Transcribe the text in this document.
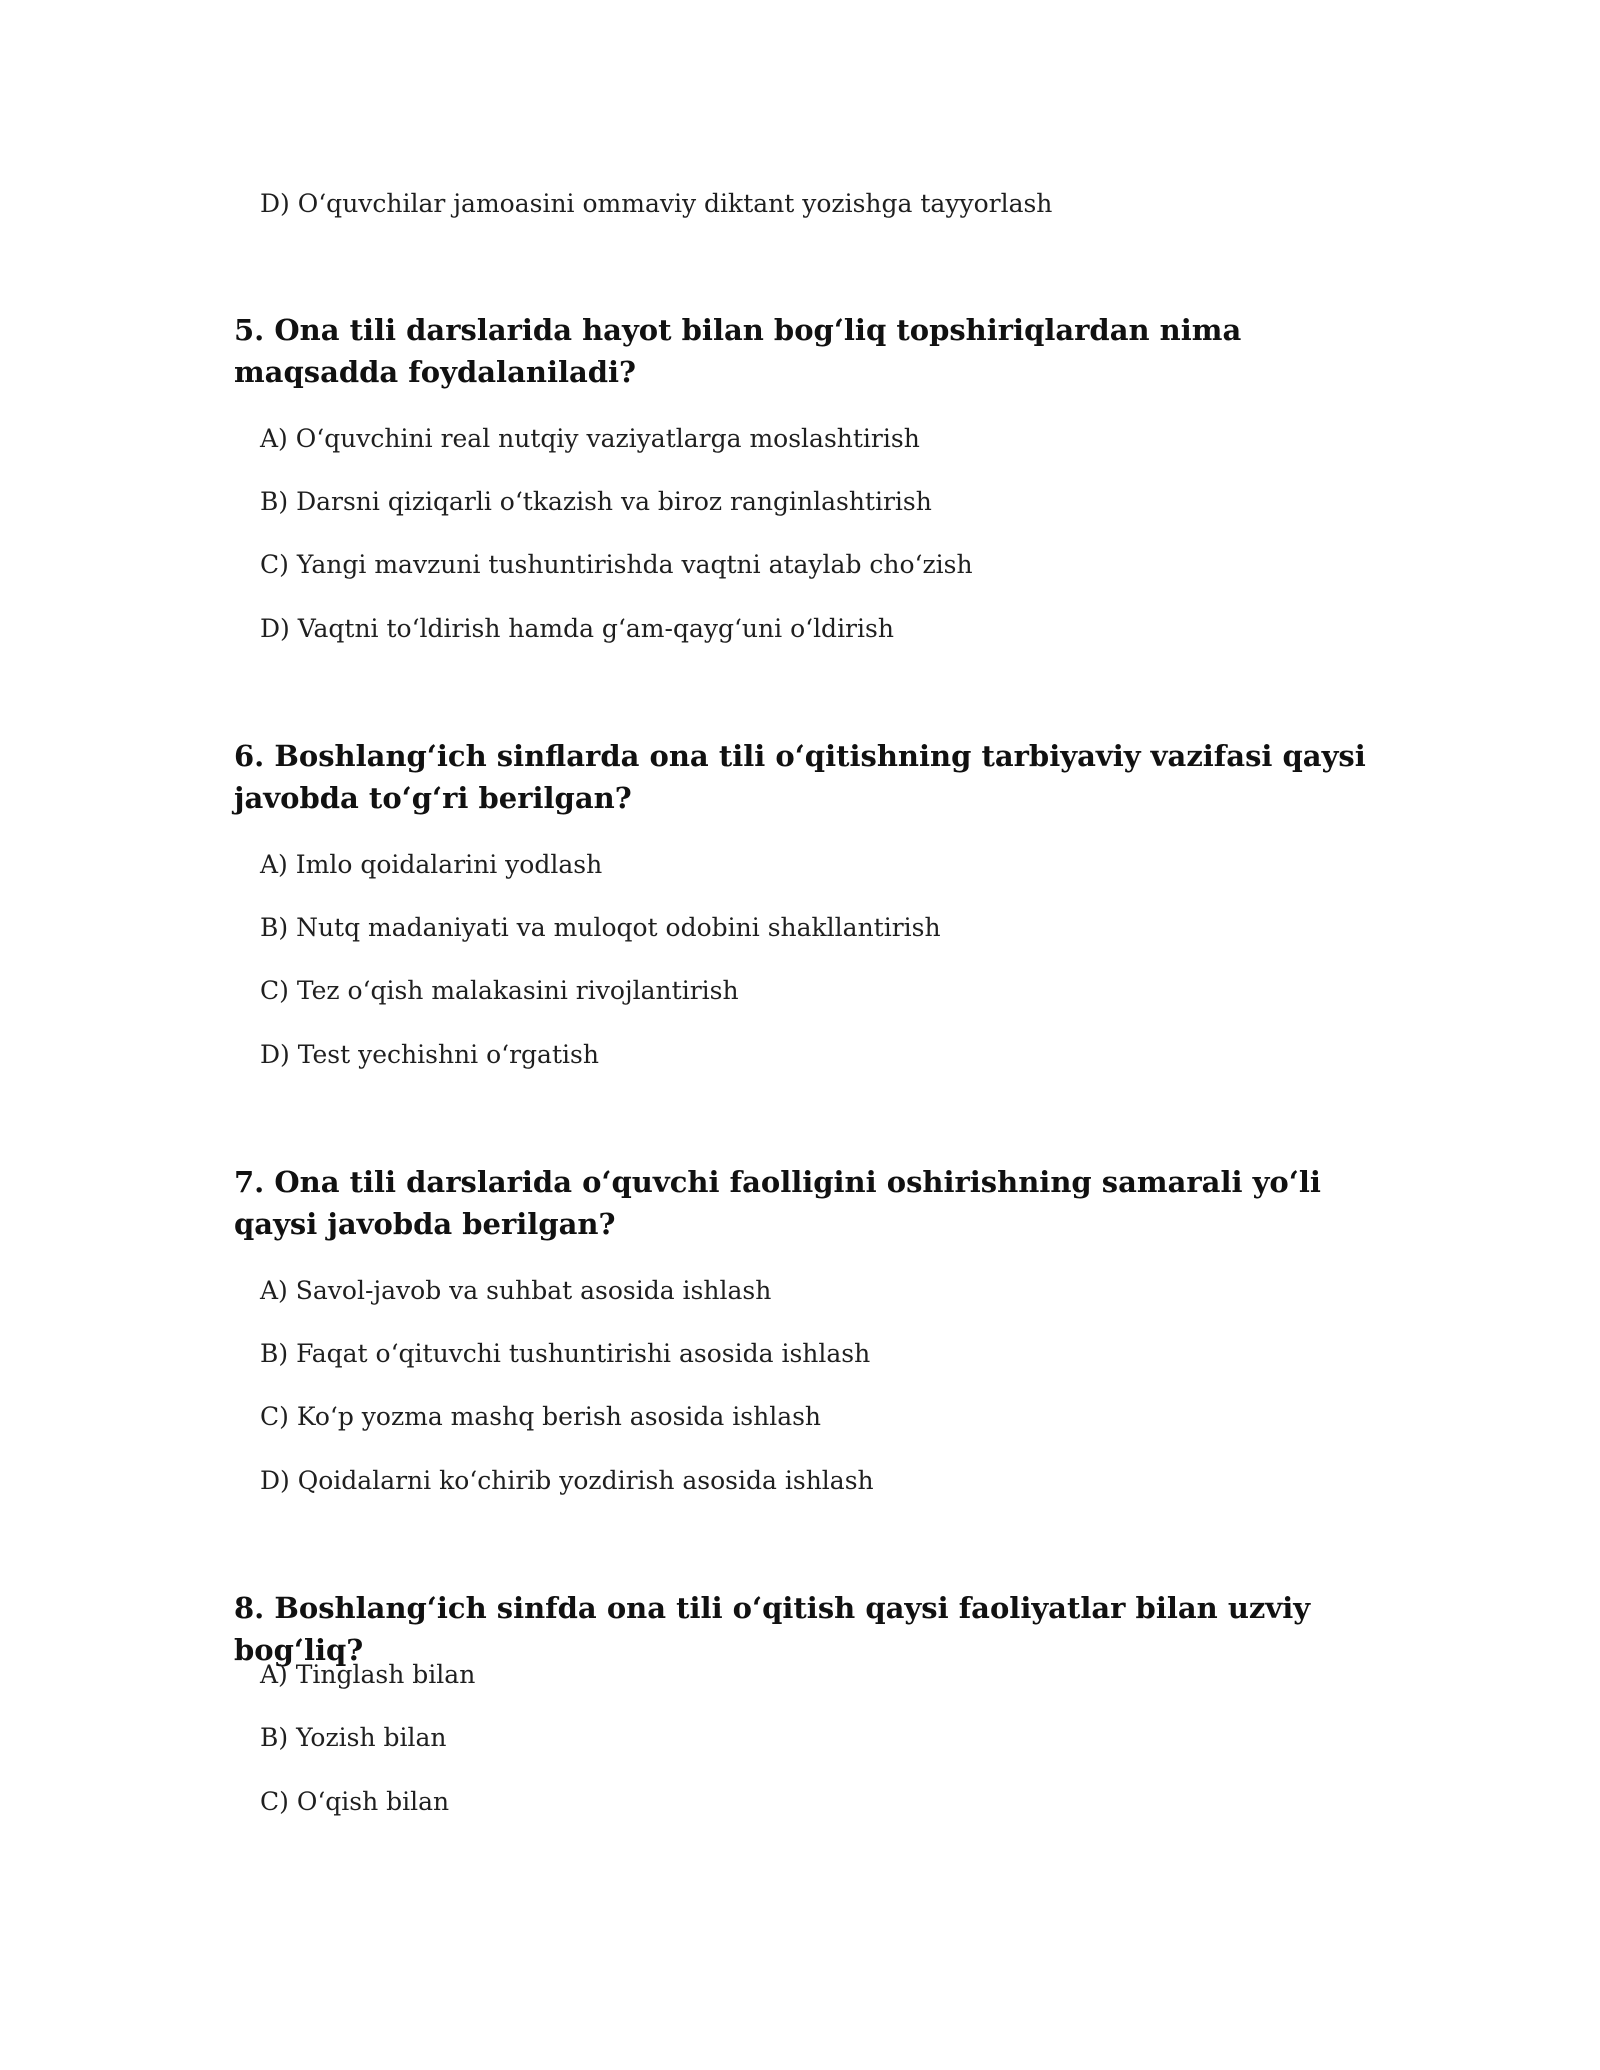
D) O‘quvchilar jamoasini ommaviy diktant yozishga tayyorlash
5. Ona tili darslarida hayot bilan bog‘liq topshiriqlardan nima maqsadda foydalaniladi?
A) O‘quvchini real nutqiy vaziyatlarga moslashtirish
B) Darsni qiziqarli o‘tkazish va biroz ranginlashtirish
C) Yangi mavzuni tushuntirishda vaqtni ataylab cho‘zish
D) Vaqtni to‘ldirish hamda g‘am-qayg‘uni o‘ldirish
6. Boshlang‘ich sinflarda ona tili o‘qitishning tarbiyaviy vazifasi qaysi javobda to‘g‘ri berilgan?
A) Imlo qoidalarini yodlash
B) Nutq madaniyati va muloqot odobini shakllantirish
C) Tez o‘qish malakasini rivojlantirish
D) Test yechishni o‘rgatish
7. Ona tili darslarida o‘quvchi faolligini oshirishning samarali yo‘li qaysi javobda berilgan?
A) Savol-javob va suhbat asosida ishlash
B) Faqat o‘qituvchi tushuntirishi asosida ishlash
C) Ko‘p yozma mashq berish asosida ishlash
D) Qoidalarni ko‘chirib yozdirish asosida ishlash
8. Boshlang‘ich sinfda ona tili o‘qitish qaysi faoliyatlar bilan uzviy bog‘liq?
A) Tinglash bilan
B) Yozish bilan
C) O‘qish bilan
